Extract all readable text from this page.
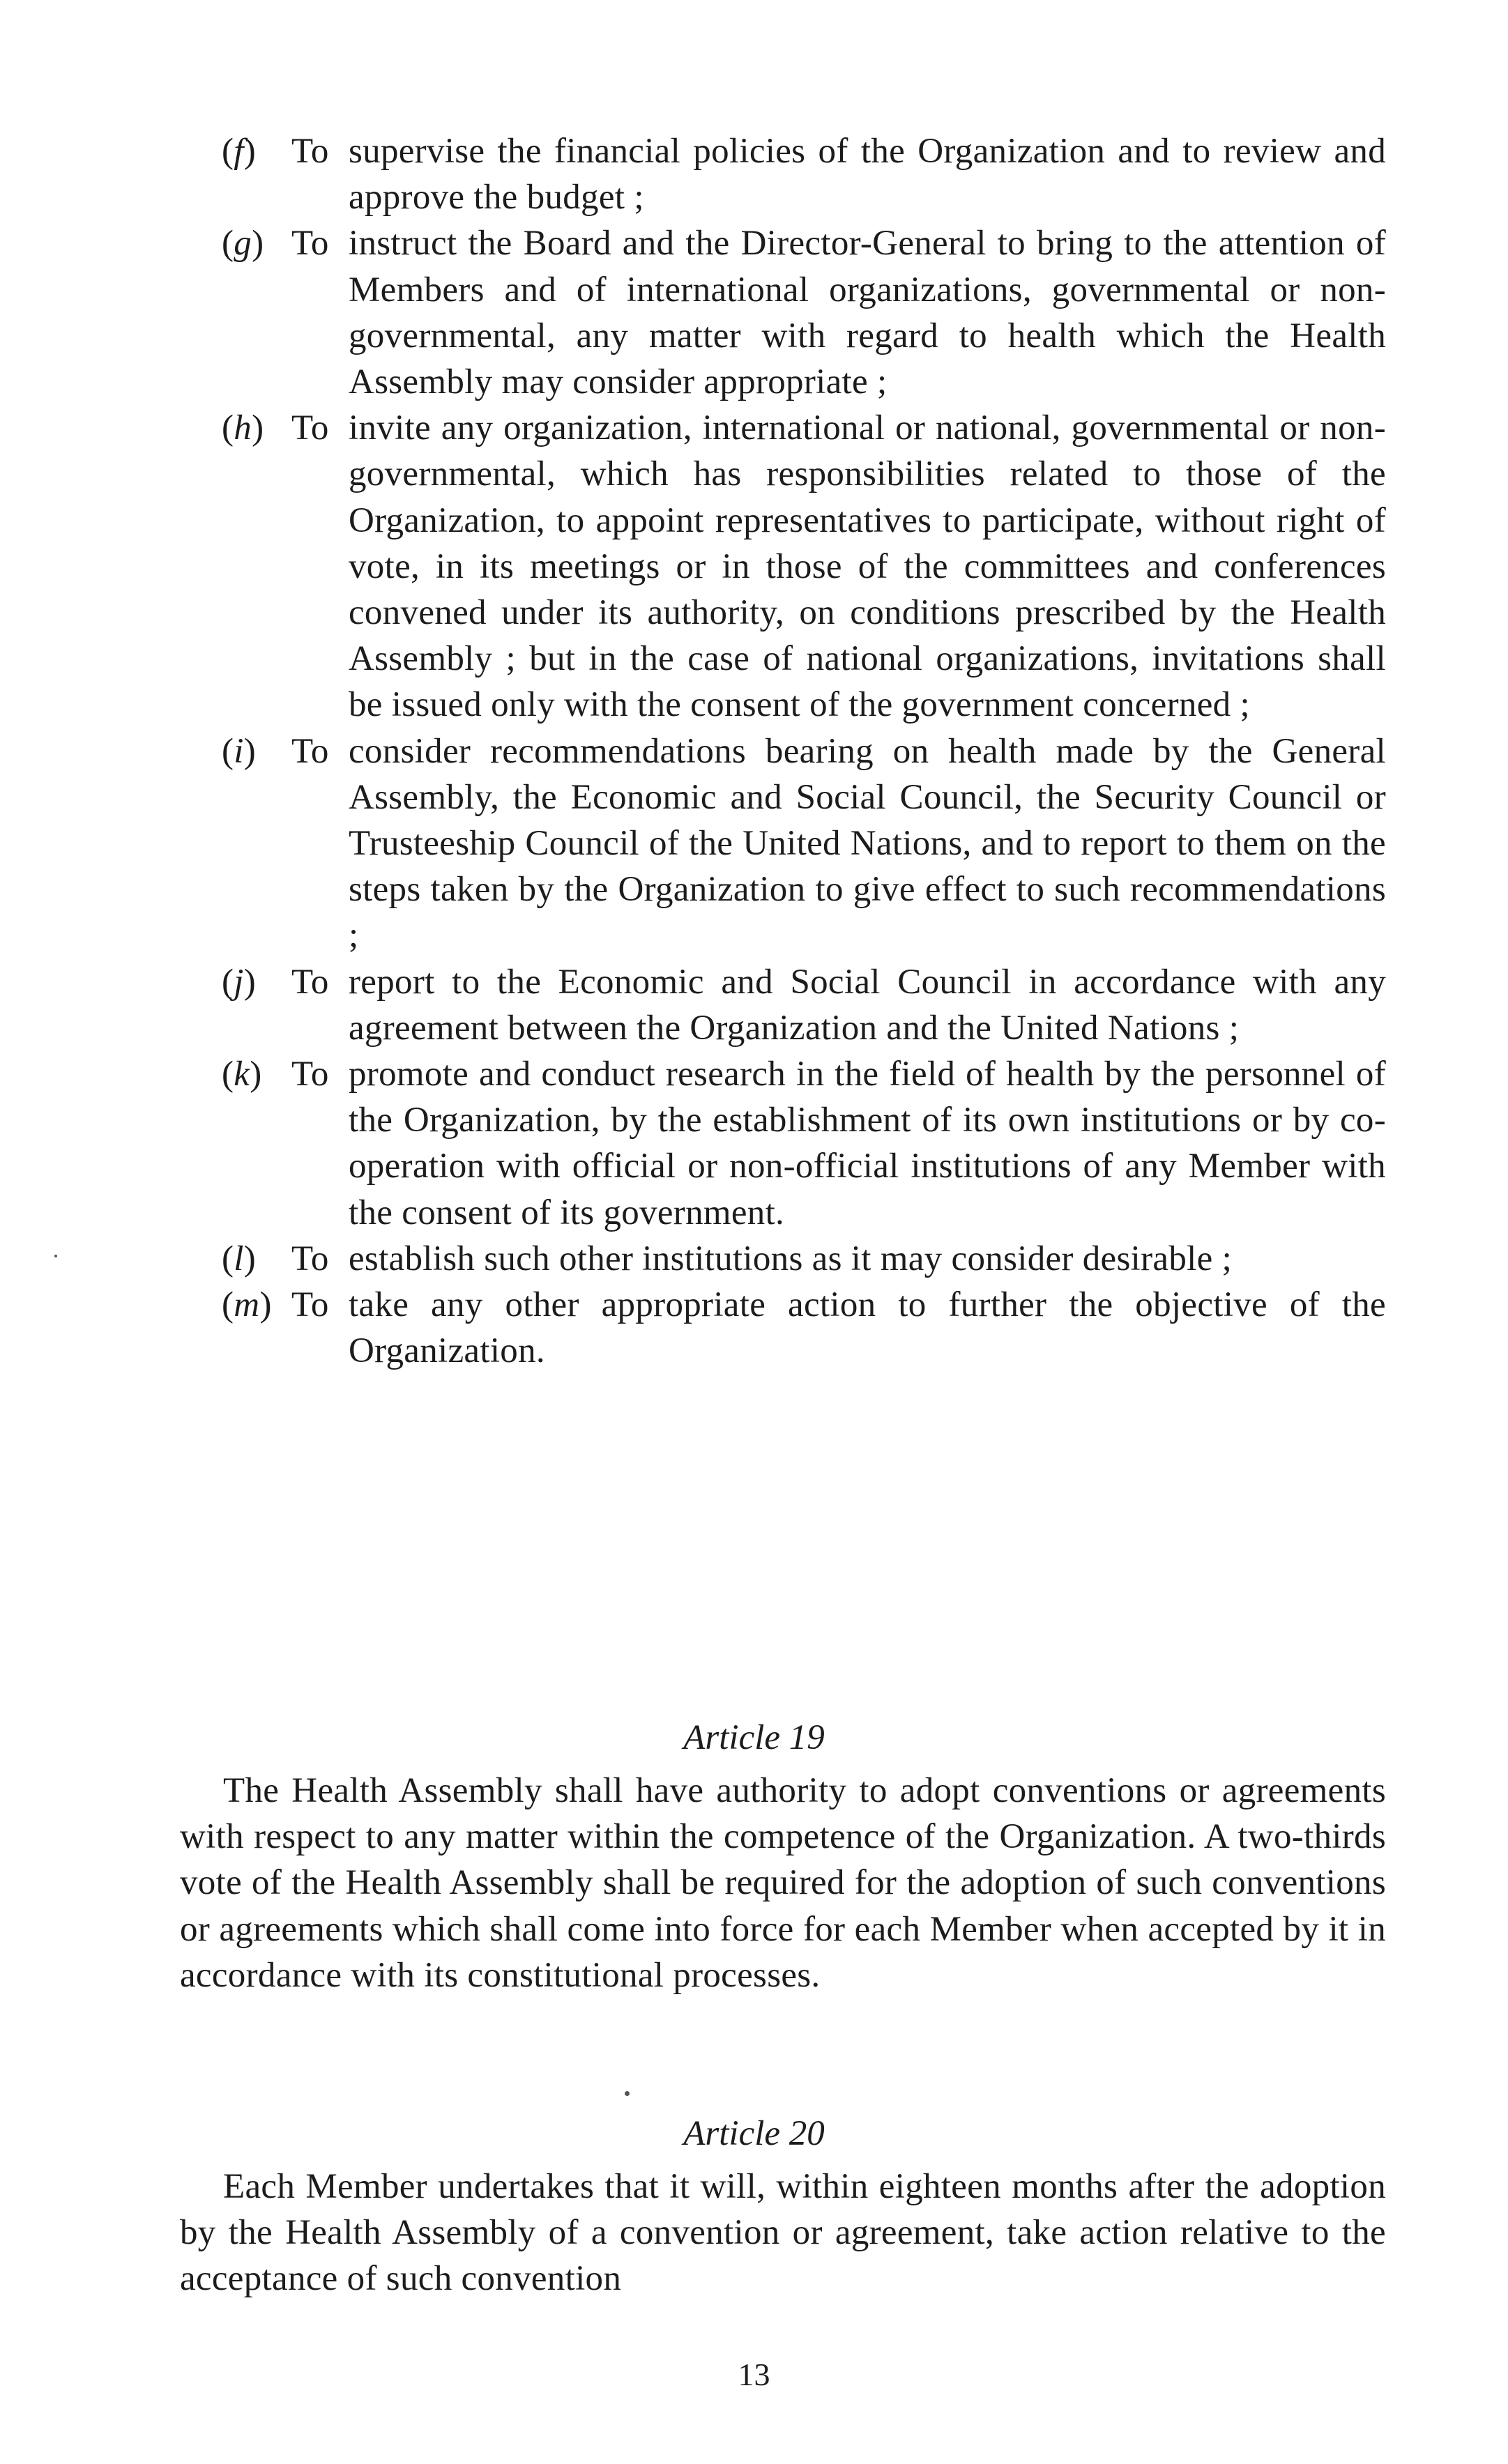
(f) To supervise the financial policies of the Organization and to review and approve the budget ;
(g) To instruct the Board and the Director-General to bring to the attention of Members and of international organizations, governmental or non-governmental, any matter with regard to health which the Health Assembly may consider appropriate ;
(h) To invite any organization, international or national, governmental or non-governmental, which has responsibilities related to those of the Organization, to appoint representatives to participate, without right of vote, in its meetings or in those of the committees and conferences convened under its authority, on conditions prescribed by the Health Assembly ; but in the case of national organizations, invitations shall be issued only with the consent of the government concerned ;
(i) To consider recommendations bearing on health made by the General Assembly, the Economic and Social Council, the Security Council or Trusteeship Council of the United Nations, and to report to them on the steps taken by the Organization to give effect to such recommendations ;
(j) To report to the Economic and Social Council in accordance with any agreement between the Organization and the United Nations ;
(k) To promote and conduct research in the field of health by the personnel of the Organization, by the establishment of its own institutions or by co-operation with official or non-official institutions of any Member with the consent of its government.
(l) To establish such other institutions as it may consider desirable ;
(m) To take any other appropriate action to further the objective of the Organization.
Article 19

The Health Assembly shall have authority to adopt conventions or agreements with respect to any matter within the competence of the Organization. A two-thirds vote of the Health Assembly shall be required for the adoption of such conventions or agreements which shall come into force for each Member when accepted by it in accordance with its constitutional processes.

Article 20

Each Member undertakes that it will, within eighteen months after the adoption by the Health Assembly of a convention or agreement, take action relative to the acceptance of such convention

13
